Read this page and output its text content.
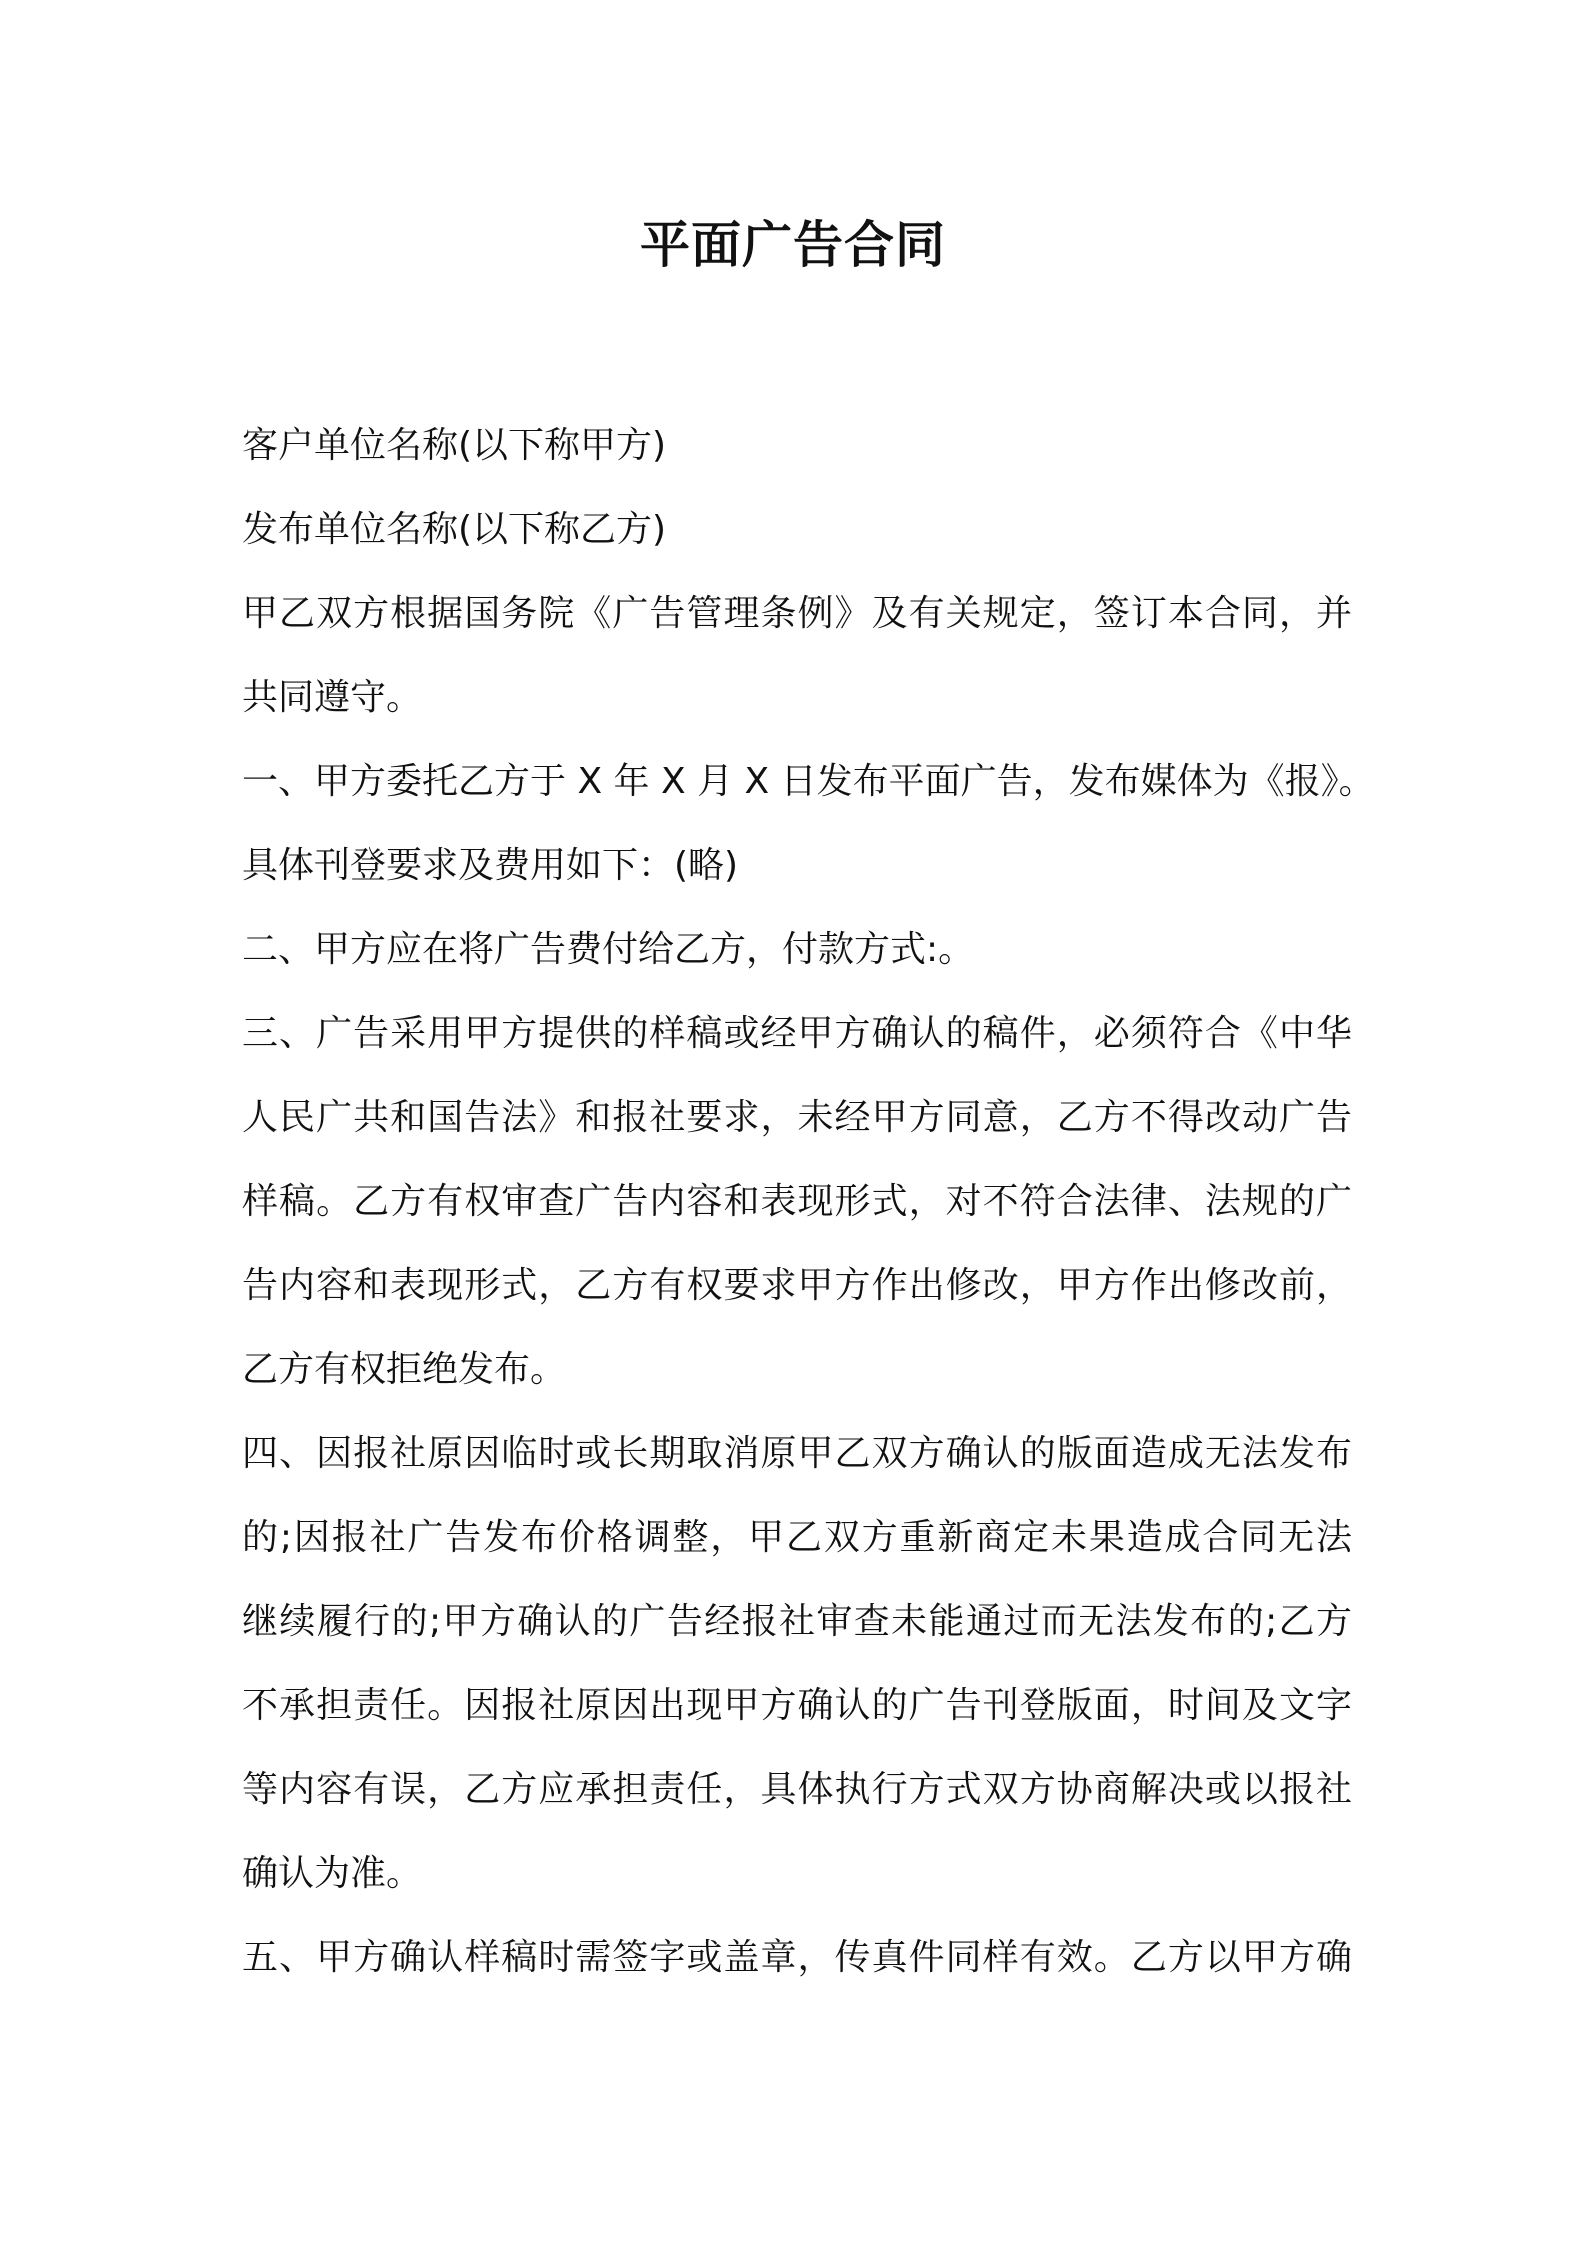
平面广告合同
客户单位名称(以下称甲方)
发布单位名称(以下称乙方)
甲乙双方根据国务院《广告管理条例》及有关规定，签订本合同，并
共同遵守。
一、甲方委托乙方于 X 年 X 月 X 日发布平面广告，发布媒体为《报》。
具体刊登要求及费用如下：(略)
二、甲方应在将广告费付给乙方，付款方式:。
三、广告采用甲方提供的样稿或经甲方确认的稿件，必须符合《中华
人民广共和国告法》和报社要求，未经甲方同意，乙方不得改动广告
样稿。乙方有权审查广告内容和表现形式，对不符合法律、法规的广
告内容和表现形式，乙方有权要求甲方作出修改，甲方作出修改前，
乙方有权拒绝发布。
四、因报社原因临时或长期取消原甲乙双方确认的版面造成无法发布
的;因报社广告发布价格调整，甲乙双方重新商定未果造成合同无法
继续履行的;甲方确认的广告经报社审查未能通过而无法发布的;乙方
不承担责任。因报社原因出现甲方确认的广告刊登版面，时间及文字
等内容有误，乙方应承担责任，具体执行方式双方协商解决或以报社
确认为准。
五、甲方确认样稿时需签字或盖章，传真件同样有效。乙方以甲方确
